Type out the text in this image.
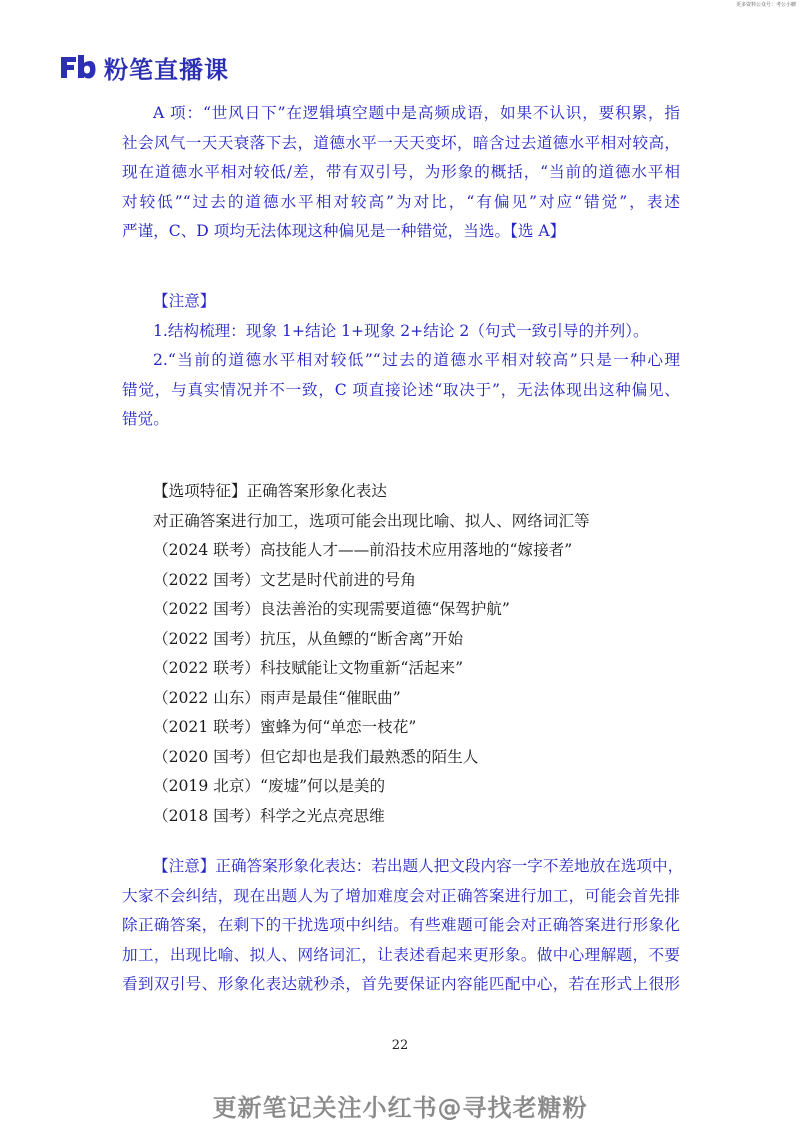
更多资料公众号：考公小糖
粉笔直播课
A 项：“世风日下”在逻辑填空题中是高频成语，如果不认识，要积累，指
社会风气一天天衰落下去，道德水平一天天变坏，暗含过去道德水平相对较高，
现在道德水平相对较低/差，带有双引号，为形象的概括，“当前的道德水平相
对较低”“过去的道德水平相对较高”为对比，“有偏见”对应“错觉”，表述
严谨，C、D 项均无法体现这种偏见是一种错觉，当选。【选 A】
【注意】
1.结构梳理：现象 1+结论 1+现象 2+结论 2（句式一致引导的并列）。
2.“当前的道德水平相对较低”“过去的道德水平相对较高”只是一种心理
错觉，与真实情况并不一致，C 项直接论述“取决于”，无法体现出这种偏见、
错觉。
【选项特征】正确答案形象化表达
对正确答案进行加工，选项可能会出现比喻、拟人、网络词汇等
（2024 联考）高技能人才——前沿技术应用落地的“嫁接者”
（2022 国考）文艺是时代前进的号角
（2022 国考）良法善治的实现需要道德“保驾护航”
（2022 国考）抗压，从鱼鳔的“断舍离”开始
（2022 联考）科技赋能让文物重新“活起来”
（2022 山东）雨声是最佳“催眠曲”
（2021 联考）蜜蜂为何“单恋一枝花”
（2020 国考）但它却也是我们最熟悉的陌生人
（2019 北京）“废墟”何以是美的
（2018 国考）科学之光点亮思维
【注意】正确答案形象化表达：若出题人把文段内容一字不差地放在选项中，
大家不会纠结，现在出题人为了增加难度会对正确答案进行加工，可能会首先排
除正确答案，在剩下的干扰选项中纠结。有些难题可能会对正确答案进行形象化
加工，出现比喻、拟人、网络词汇，让表述看起来更形象。做中心理解题，不要
看到双引号、形象化表达就秒杀，首先要保证内容能匹配中心，若在形式上很形
22
更新笔记关注小红书@寻找老糖粉
